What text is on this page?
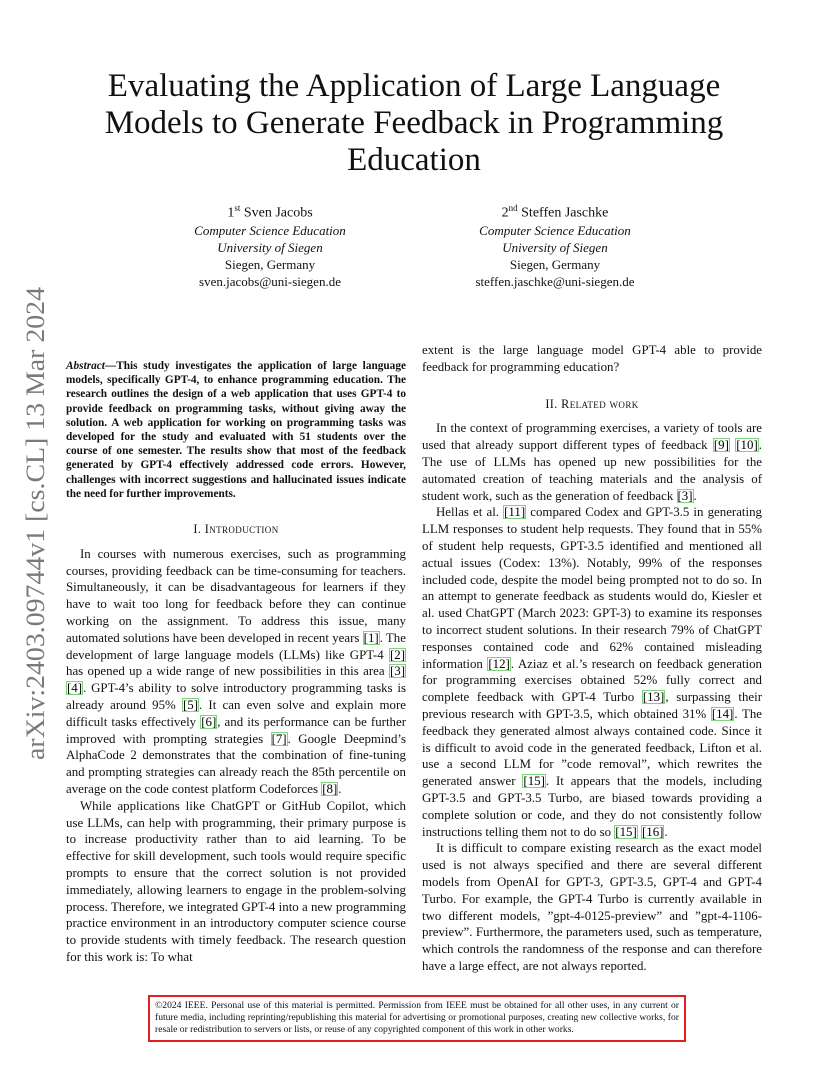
arXiv:2403.09744v1 [cs.CL] 13 Mar 2024
Evaluating the Application of Large Language Models to Generate Feedback in Programming Education
1st Sven Jacobs
Computer Science Education
University of Siegen
Siegen, Germany
sven.jacobs@uni-siegen.de
2nd Steffen Jaschke
Computer Science Education
University of Siegen
Siegen, Germany
steffen.jaschke@uni-siegen.de

Abstract—This study investigates the application of large language models, specifically GPT-4, to enhance programming education. The research outlines the design of a web application that uses GPT-4 to provide feedback on programming tasks, without giving away the solution. A web application for working on programming tasks was developed for the study and evaluated with 51 students over the course of one semester. The results show that most of the feedback generated by GPT-4 effectively addressed code errors. However, challenges with incorrect suggestions and hallucinated issues indicate the need for further improvements.

I. Introduction

In courses with numerous exercises, such as programming courses, providing feedback can be time-consuming for teachers. Simultaneously, it can be disadvantageous for learners if they have to wait too long for feedback before they can continue working on the assignment. To address this issue, many automated solutions have been developed in recent years [1]. The development of large language models (LLMs) like GPT-4 [2] has opened up a wide range of new possibilities in this area [3] [4]. GPT-4’s ability to solve introductory programming tasks is already around 95% [5]. It can even solve and explain more difficult tasks effectively [6], and its performance can be further improved with prompting strategies [7]. Google Deepmind’s AlphaCode 2 demonstrates that the combination of fine-tuning and prompting strategies can already reach the 85th percentile on average on the code contest platform Codeforces [8].

While applications like ChatGPT or GitHub Copilot, which use LLMs, can help with programming, their primary purpose is to increase productivity rather than to aid learning. To be effective for skill development, such tools would require specific prompts to ensure that the correct solution is not provided immediately, allowing learners to engage in the problem-solving process. Therefore, we integrated GPT-4 into a new programming practice environment in an introductory computer science course to provide students with timely feedback. The research question for this work is: To what

extent is the large language model GPT-4 able to provide feedback for programming education?

II. Related work

In the context of programming exercises, a variety of tools are used that already support different types of feedback [9] [10]. The use of LLMs has opened up new possibilities for the automated creation of teaching materials and the analysis of student work, such as the generation of feedback [3].

Hellas et al. [11] compared Codex and GPT-3.5 in generating LLM responses to student help requests. They found that in 55% of student help requests, GPT-3.5 identified and mentioned all actual issues (Codex: 13%). Notably, 99% of the responses included code, despite the model being prompted not to do so. In an attempt to generate feedback as students would do, Kiesler et al. used ChatGPT (March 2023: GPT-3) to examine its responses to incorrect student solutions. In their research 79% of ChatGPT responses contained code and 62% contained misleading information [12]. Aziaz et al.’s research on feedback generation for programming exercises obtained 52% fully correct and complete feedback with GPT-4 Turbo [13], surpassing their previous research with GPT-3.5, which obtained 31% [14]. The feedback they generated almost always contained code. Since it is difficult to avoid code in the generated feedback, Lifton et al. use a second LLM for ”code removal”, which rewrites the generated answer [15]. It appears that the models, including GPT-3.5 and GPT-3.5 Turbo, are biased towards providing a complete solution or code, and they do not consistently follow instructions telling them not to do so [15] [16].

It is difficult to compare existing research as the exact model used is not always specified and there are several different models from OpenAI for GPT-3, GPT-3.5, GPT-4 and GPT-4 Turbo. For example, the GPT-4 Turbo is currently available in two different models, ”gpt-4-0125-preview” and ”gpt-4-1106-preview”. Furthermore, the parameters used, such as temperature, which controls the randomness of the response and can therefore have a large effect, are not always reported.

©2024 IEEE. Personal use of this material is permitted. Permission from IEEE must be obtained for all other uses, in any current or future media, including reprinting/republishing this material for advertising or promotional purposes, creating new collective works, for resale or redistribution to servers or lists, or reuse of any copyrighted component of this work in other works.
